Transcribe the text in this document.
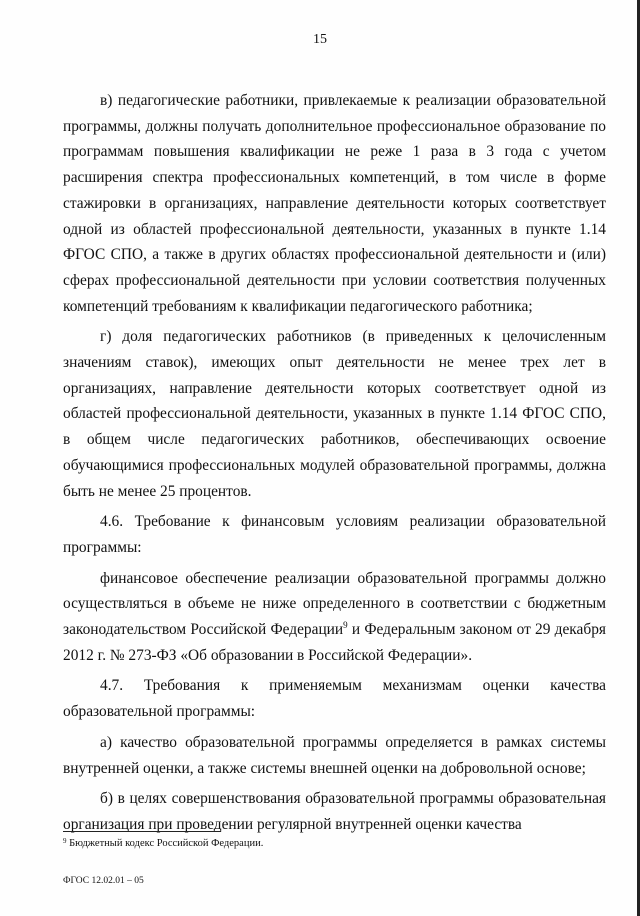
15

в) педагогические работники, привлекаемые к реализации образовательной программы, должны получать дополнительное профессиональное образование по программам повышения квалификации не реже 1 раза в 3 года с учетом расширения спектра профессиональных компетенций, в том числе в форме стажировки в организациях, направление деятельности которых соответствует одной из областей профессиональной деятельности, указанных в пункте 1.14 ФГОС СПО, а также в других областях профессиональной деятельности и (или) сферах профессиональной деятельности при условии соответствия полученных компетенций требованиям к квалификации педагогического работника;

г) доля педагогических работников (в приведенных к целочисленным значениям ставок), имеющих опыт деятельности не менее трех лет в организациях, направление деятельности которых соответствует одной из областей профессиональной деятельности, указанных в пункте 1.14 ФГОС СПО, в общем числе педагогических работников, обеспечивающих освоение обучающимися профессиональных модулей образовательной программы, должна быть не менее 25 процентов.

4.6. Требование к финансовым условиям реализации образовательной программы:

финансовое обеспечение реализации образовательной программы должно осуществляться в объеме не ниже определенного в соответствии с бюджетным законодательством Российской Федерации$^9$ и Федеральным законом от 29 декабря 2012 г. № 273-ФЗ «Об образовании в Российской Федерации».

4.7. Требования к применяемым механизмам оценки качества образовательной программы:

а) качество образовательной программы определяется в рамках системы внутренней оценки, а также системы внешней оценки на добровольной основе;

б) в целях совершенствования образовательной программы образовательная организация при проведении регулярной внутренней оценки качества

$^9$ Бюджетный кодекс Российской Федерации.
ФГОС 12.02.01 – 05
